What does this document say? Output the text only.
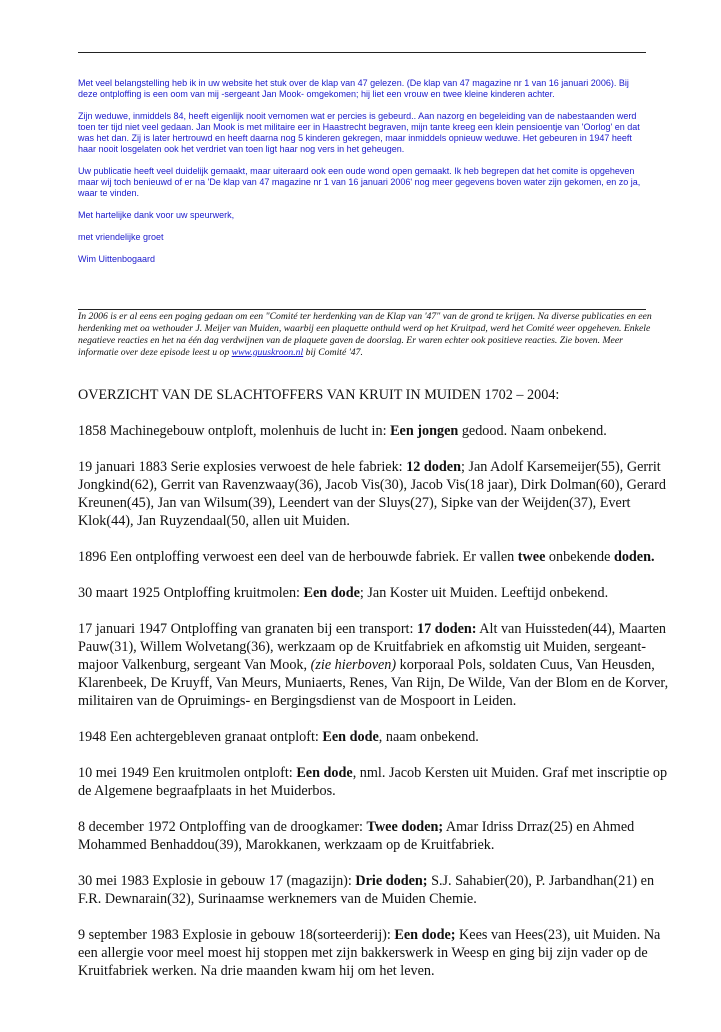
Met veel belangstelling heb ik in uw website het stuk over de klap van 47 gelezen. (De klap van 47 magazine nr 1 van 16 januari 2006). Bij deze ontploffing is een oom van mij -sergeant Jan Mook- omgekomen; hij liet een vrouw en twee kleine kinderen achter.

Zijn weduwe, inmiddels 84, heeft eigenlijk nooit vernomen wat er percies is gebeurd.. Aan nazorg en begeleiding van de nabestaanden werd toen ter tijd niet veel gedaan. Jan Mook is met militaire eer in Haastrecht begraven, mijn tante kreeg een klein pensioentje van 'Oorlog' en dat was het dan. Zij is later hertrouwd en heeft daarna nog 5 kinderen gekregen, maar inmiddels opnieuw weduwe. Het gebeuren in 1947 heeft haar nooit losgelaten ook het verdriet van toen ligt haar nog vers in het geheugen.

Uw publicatie heeft veel duidelijk gemaakt, maar uiteraard ook een oude wond open gemaakt. Ik heb begrepen dat het comite is opgeheven maar wij toch benieuwd of er na 'De klap van 47 magazine nr 1 van 16 januari 2006' nog meer gegevens boven water zijn gekomen, en zo ja, waar te vinden.

Met hartelijke dank voor uw speurwerk,

met vriendelijke groet

Wim Uittenbogaard

In 2006 is er al eens een poging gedaan om een "Comité ter herdenking van de Klap van '47" van de grond te krijgen. Na diverse publicaties en een herdenking met oa wethouder J. Meijer van Muiden, waarbij een plaquette onthuld werd op het Kruitpad, werd het Comité weer opgeheven. Enkele negatieve reacties en het na één dag verdwijnen van de plaquete gaven de doorslag. Er waren echter ook positieve reacties. Zie boven. Meer informatie over deze episode leest u op www.guuskroon.nl bij Comité '47.

OVERZICHT VAN DE SLACHTOFFERS VAN KRUIT IN MUIDEN 1702 – 2004:

1858 Machinegebouw ontploft, molenhuis de lucht in: Een jongen gedood. Naam onbekend.

19 januari 1883 Serie explosies verwoest de hele fabriek: 12 doden; Jan Adolf Karsemeijer(55), Gerrit Jongkind(62), Gerrit van Ravenzwaay(36), Jacob Vis(30), Jacob Vis(18 jaar), Dirk Dolman(60), Gerard Kreunen(45), Jan van Wilsum(39), Leendert van der Sluys(27), Sipke van der Weijden(37), Evert Klok(44), Jan Ruyzendaal(50, allen uit Muiden.

1896 Een ontploffing verwoest een deel van de herbouwde fabriek. Er vallen twee onbekende doden.

30 maart 1925 Ontploffing kruitmolen: Een dode; Jan Koster uit Muiden. Leeftijd onbekend.

17 januari 1947 Ontploffing van granaten bij een transport: 17 doden: Alt van Huissteden(44), Maarten Pauw(31), Willem Wolvetang(36), werkzaam op de Kruitfabriek en afkomstig uit Muiden, sergeant-majoor Valkenburg, sergeant Van Mook, (zie hierboven) korporaal Pols, soldaten Cuus, Van Heusden, Klarenbeek, De Kruyff, Van Meurs, Muniaerts, Renes, Van Rijn, De Wilde, Van der Blom en de Korver, militairen van de Opruimings- en Bergingsdienst van de Mospoort in Leiden.

1948 Een achtergebleven granaat ontploft: Een dode, naam onbekend.

10 mei 1949 Een kruitmolen ontploft: Een dode, nml. Jacob Kersten uit Muiden. Graf met inscriptie op de Algemene begraafplaats in het Muiderbos.

8 december 1972 Ontploffing van de droogkamer: Twee doden; Amar Idriss Drraz(25) en Ahmed Mohammed Benhaddou(39), Marokkanen, werkzaam op de Kruitfabriek.

30 mei 1983 Explosie in gebouw 17 (magazijn): Drie doden; S.J. Sahabier(20), P. Jarbandhan(21) en F.R. Dewnarain(32), Surinaamse werknemers van de Muiden Chemie.

9 september 1983 Explosie in gebouw 18(sorteerderij): Een dode; Kees van Hees(23), uit Muiden. Na een allergie voor meel moest hij stoppen met zijn bakkerswerk in Weesp en ging bij zijn vader op de Kruitfabriek werken. Na drie maanden kwam hij om het leven.
